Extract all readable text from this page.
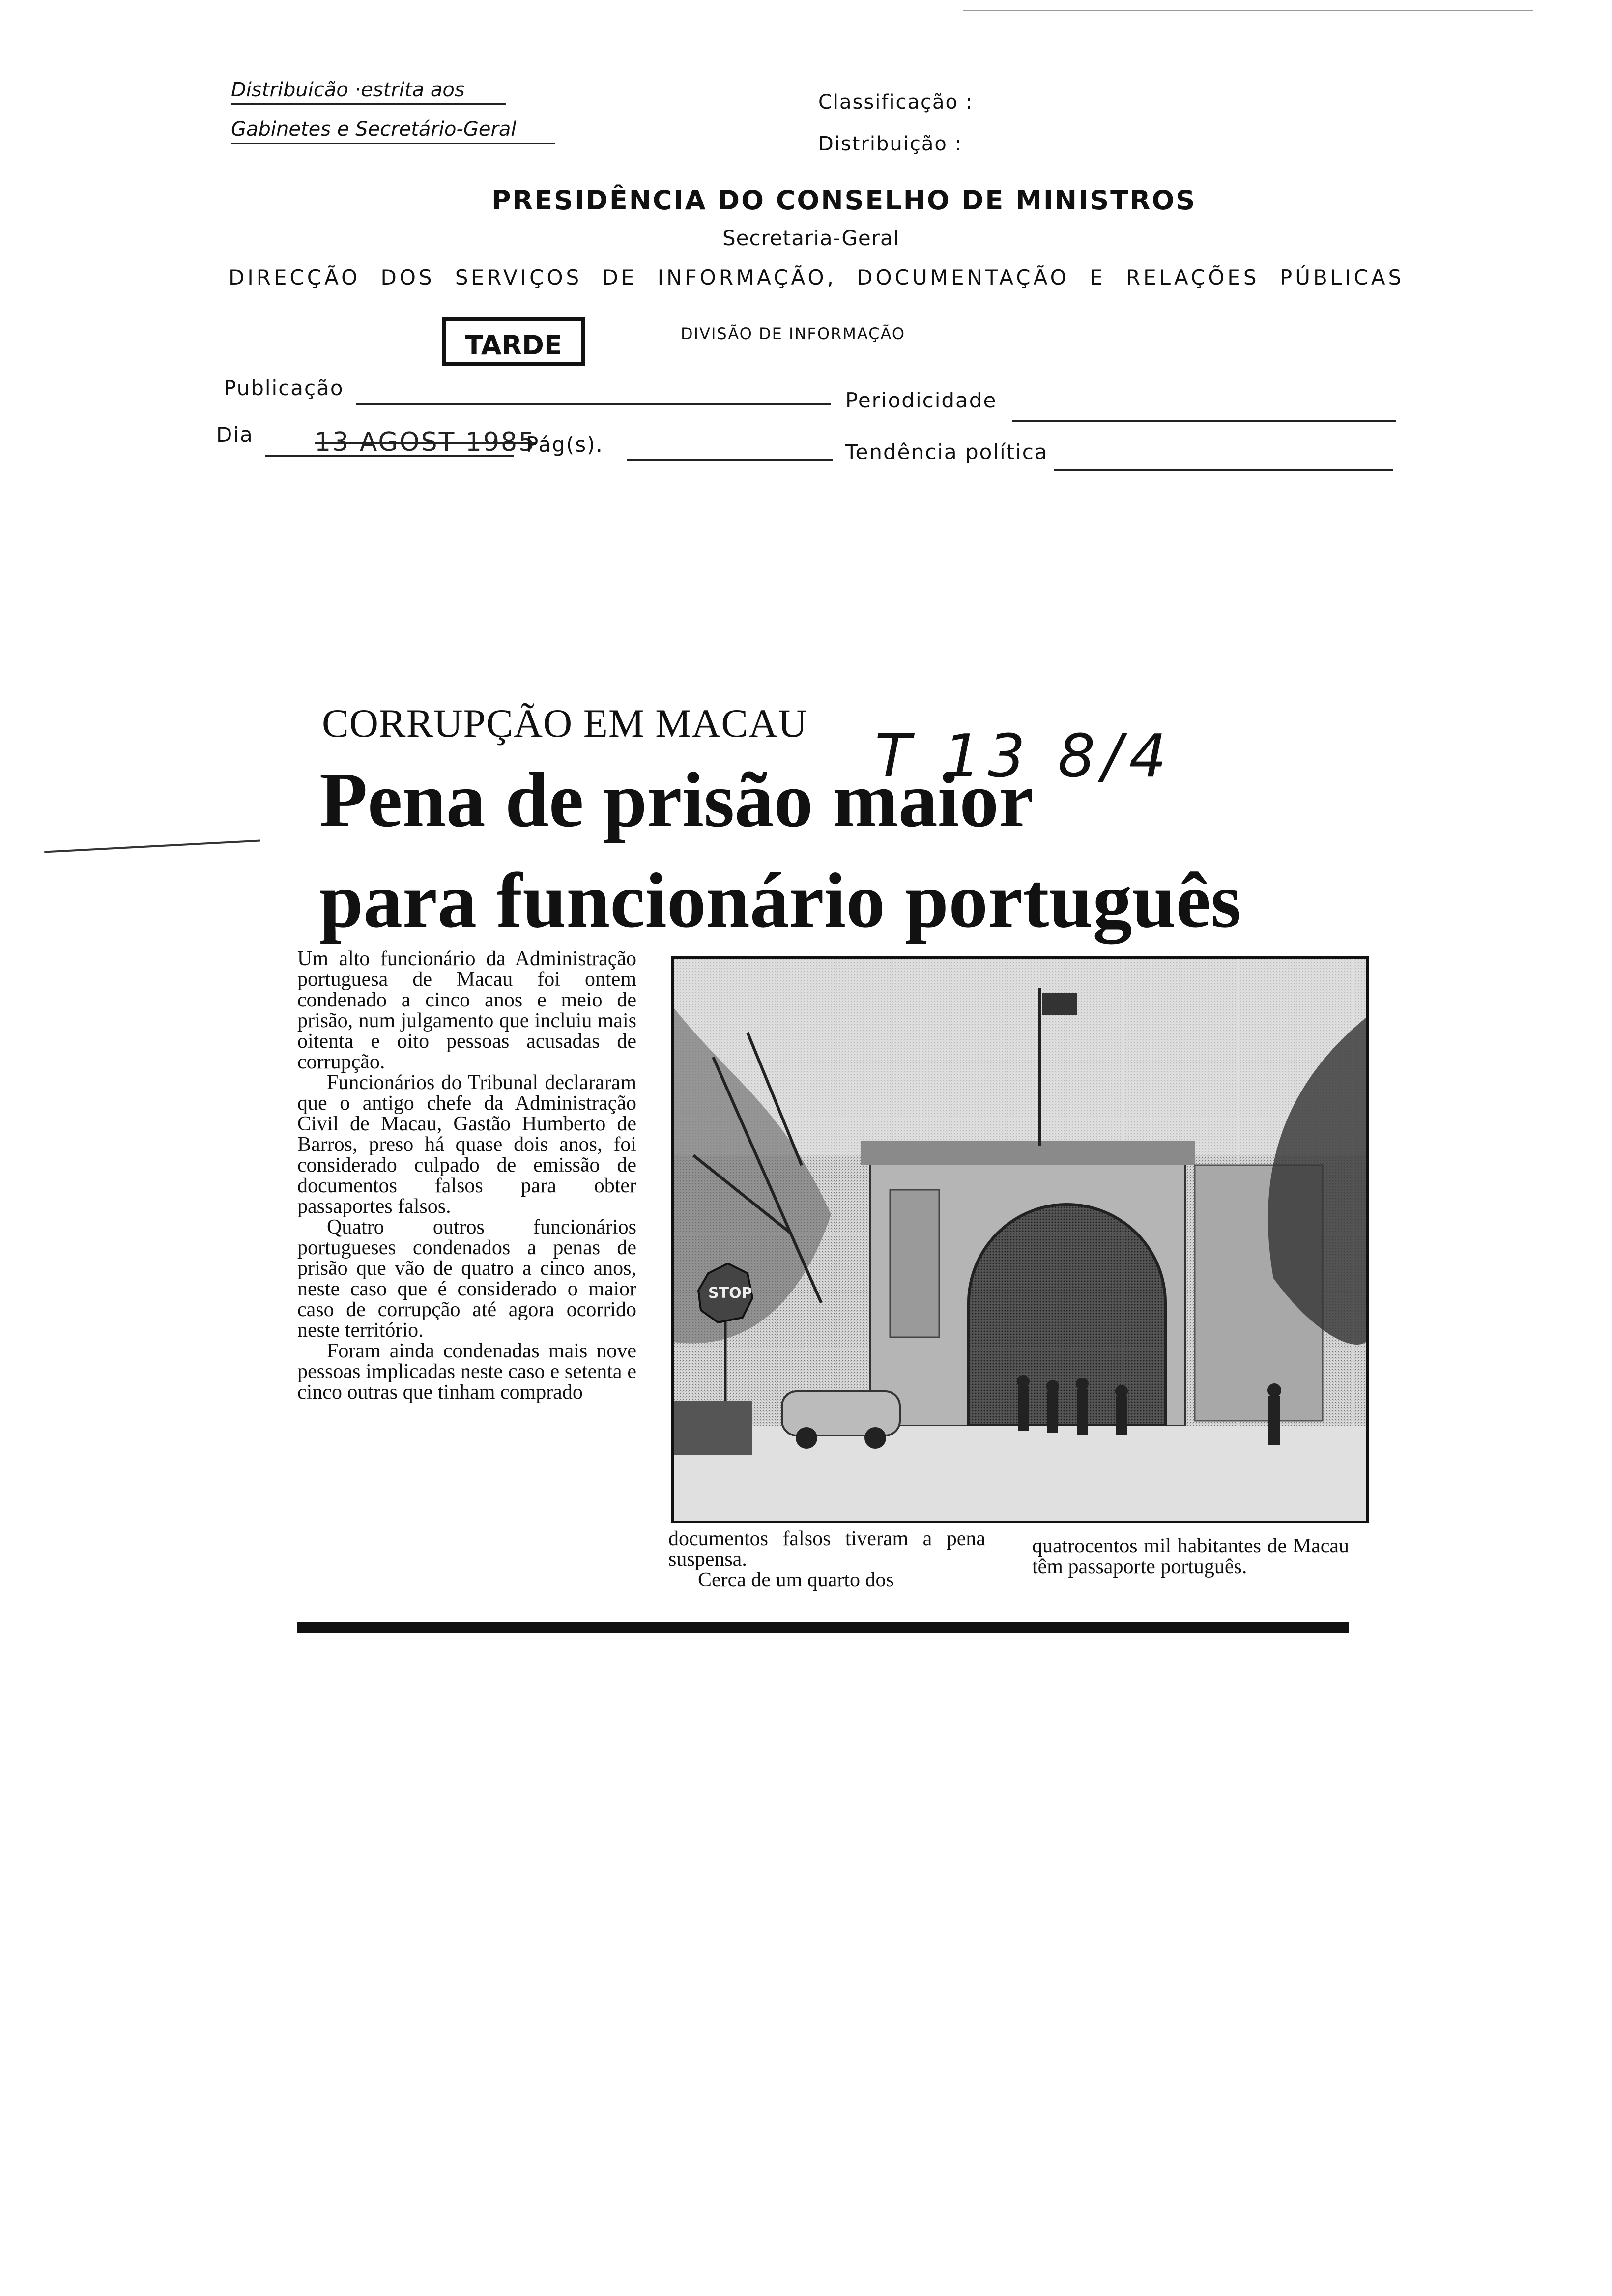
Distribuicão ·estrita aos
Gabinetes e Secretário-Geral
Classificação :
Distribuição :
PRESIDÊNCIA DO CONSELHO DE MINISTROS
Secretaria-Geral
DIRECÇÃO DOS SERVIÇOS DE INFORMAÇÃO, DOCUMENTAÇÃO E RELAÇÕES PÚBLICAS
TARDE	DIVISÃO DE INFORMAÇÃO
Publicação
Periodicidade
Dia 13 AGOST 1985
Pág(s).	Tendência política
CORRUPÇÃO EM MACAU
Pena de prisão maior
para funcionário português
T 13 8/4

Um alto funcionário da Administração portuguesa de Macau foi ontem condenado a cinco anos e meio de prisão, num julgamento que incluiu mais oitenta e oito pessoas acusadas de corrupção.

Funcionários do Tribunal declararam que o antigo chefe da Administração Civil de Macau, Gastão Humberto de Barros, preso há quase dois anos, foi considerado culpado de emissão de documentos falsos para obter passaportes falsos.

Quatro outros funcionários portugueses condenados a penas de prisão que vão de quatro a cinco anos, neste caso que é considerado o maior caso de corrupção até agora ocorrido neste território.

Foram ainda condenadas mais nove pessoas implicadas neste caso e setenta e cinco outras que tinham comprado

STOP

documentos falsos tiveram a pena suspensa.

Cerca de um quarto dos

quatrocentos mil habitantes de Macau têm passaporte português.
